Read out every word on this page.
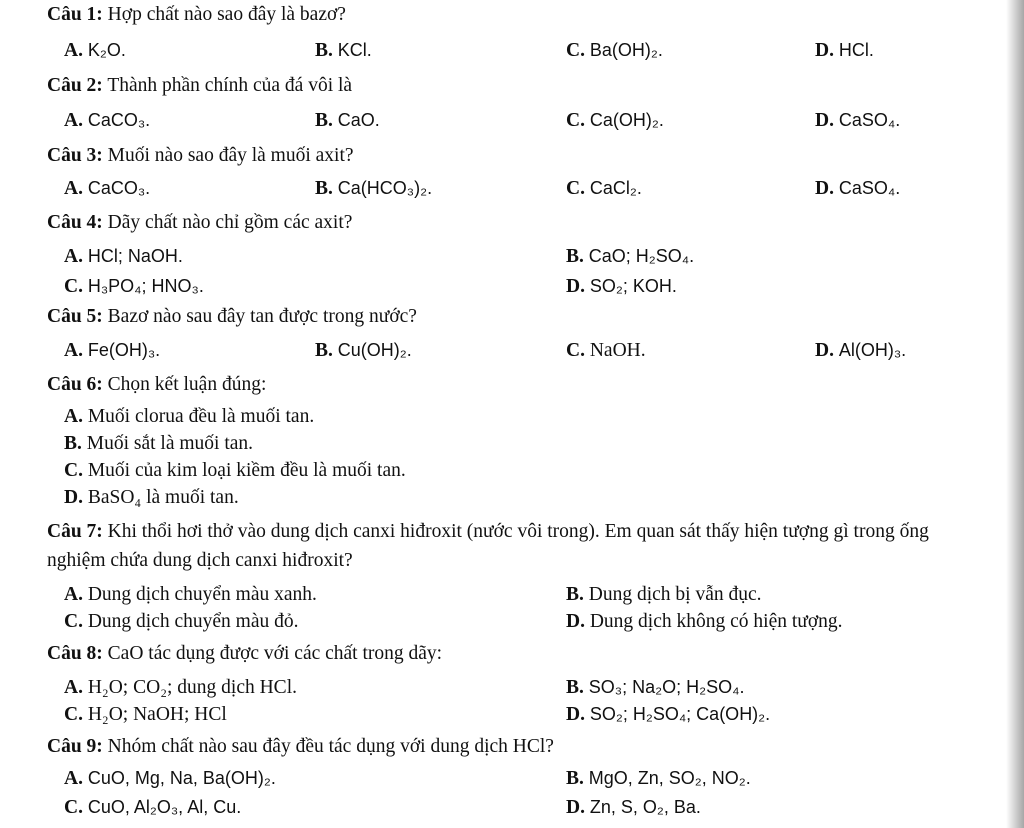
Câu 1: Hợp chất nào sao đây là bazơ?
A. K₂O.	B. KCl.	C. Ba(OH)₂.	D. HCl.
Câu 2: Thành phần chính của đá vôi là
A. CaCO₃.	B. CaO.	C. Ca(OH)₂.	D. CaSO₄.
Câu 3: Muối nào sao đây là muối axit?
A. CaCO₃.	B. Ca(HCO₃)₂.	C. CaCl₂.	D. CaSO₄.
Câu 4: Dãy chất nào chỉ gồm các axit?
A. HCl; NaOH.	B. CaO; H₂SO₄.
C. H₃PO₄; HNO₃.	D. SO₂; KOH.
Câu 5: Bazơ nào sau đây tan được trong nước?
A. Fe(OH)₃.	B. Cu(OH)₂.	C. NaOH.	D. Al(OH)₃.
Câu 6: Chọn kết luận đúng:
A. Muối clorua đều là muối tan.
B. Muối sắt là muối tan.
C. Muối của kim loại kiềm đều là muối tan.
D. BaSO₄ là muối tan.
Câu 7: Khi thổi hơi thở vào dung dịch canxi hiđroxit (nước vôi trong). Em quan sát thấy hiện tượng gì trong ống nghiệm chứa dung dịch canxi hiđroxit?
A. Dung dịch chuyển màu xanh.	B. Dung dịch bị vẫn đục.
C. Dung dịch chuyển màu đỏ.	D. Dung dịch không có hiện tượng.
Câu 8: CaO tác dụng được với các chất trong dãy:
A. H₂O; CO₂; dung dịch HCl.	B. SO₃; Na₂O; H₂SO₄.
C. H₂O; NaOH; HCl	D. SO₂; H₂SO₄; Ca(OH)₂.
Câu 9: Nhóm chất nào sau đây đều tác dụng với dung dịch HCl?
A. CuO, Mg, Na, Ba(OH)₂.	B. MgO, Zn, SO₂, NO₂.
C. CuO, Al₂O₃, Al, Cu.	D. Zn, S, O₂, Ba.
